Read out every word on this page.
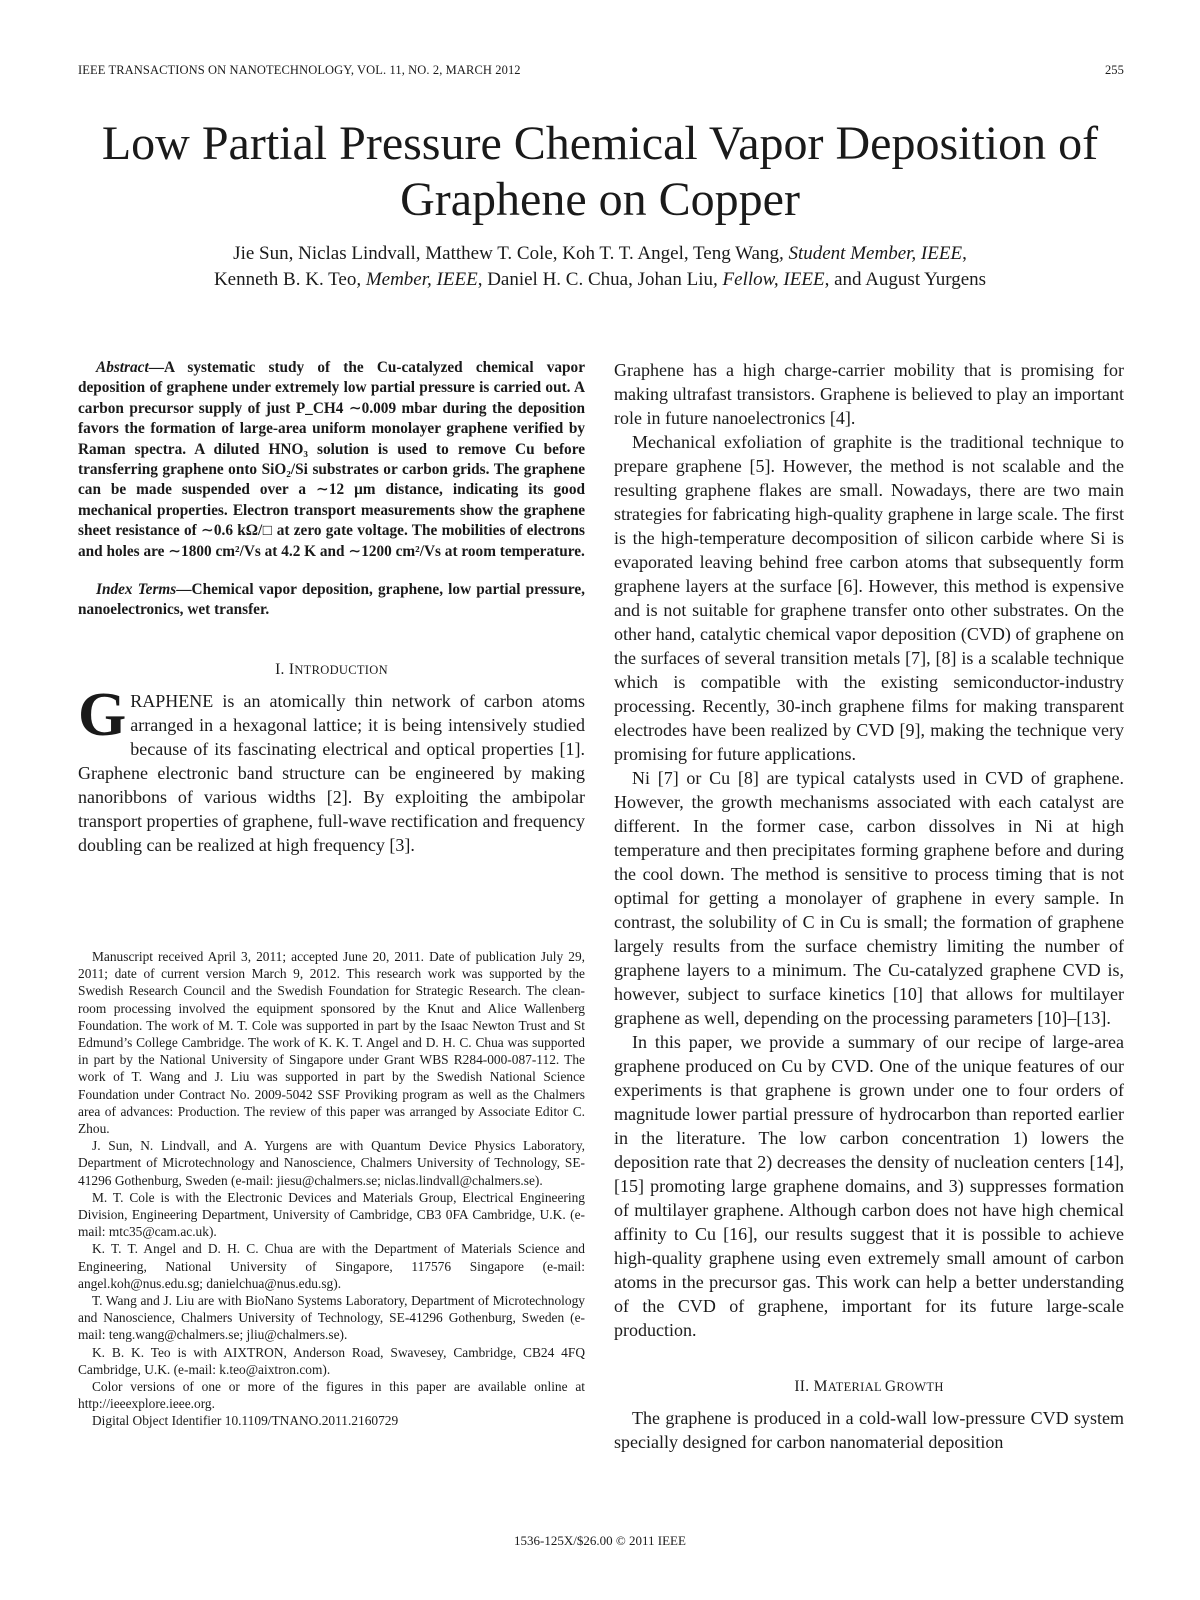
IEEE TRANSACTIONS ON NANOTECHNOLOGY, VOL. 11, NO. 2, MARCH 2012	255
Low Partial Pressure Chemical Vapor Deposition of Graphene on Copper
Jie Sun, Niclas Lindvall, Matthew T. Cole, Koh T. T. Angel, Teng Wang, Student Member, IEEE,
Kenneth B. K. Teo, Member, IEEE, Daniel H. C. Chua, Johan Liu, Fellow, IEEE, and August Yurgens

Abstract—A systematic study of the Cu-catalyzed chemical vapor deposition of graphene under extremely low partial pressure is carried out. A carbon precursor supply of just P_CH4 ∼0.009 mbar during the deposition favors the formation of large-area uniform monolayer graphene verified by Raman spectra. A diluted HNO₃ solution is used to remove Cu before transferring graphene onto SiO₂/Si substrates or carbon grids. The graphene can be made suspended over a ∼12 μm distance, indicating its good mechanical properties. Electron transport measurements show the graphene sheet resistance of ∼0.6 kΩ/□ at zero gate voltage. The mobilities of electrons and holes are ∼1800 cm²/Vs at 4.2 K and ∼1200 cm²/Vs at room temperature.

Index Terms—Chemical vapor deposition, graphene, low partial pressure, nanoelectronics, wet transfer.

I. INTRODUCTION

GRAPHENE is an atomically thin network of carbon atoms arranged in a hexagonal lattice; it is being intensively studied because of its fascinating electrical and optical properties [1]. Graphene electronic band structure can be engineered by making nanoribbons of various widths [2]. By exploiting the ambipolar transport properties of graphene, full-wave rectification and frequency doubling can be realized at high frequency [3].

Manuscript received April 3, 2011; accepted June 20, 2011. Date of publication July 29, 2011; date of current version March 9, 2012. This research work was supported by the Swedish Research Council and the Swedish Foundation for Strategic Research. The clean-room processing involved the equipment sponsored by the Knut and Alice Wallenberg Foundation. The work of M. T. Cole was supported in part by the Isaac Newton Trust and St Edmund’s College Cambridge. The work of K. K. T. Angel and D. H. C. Chua was supported in part by the National University of Singapore under Grant WBS R284-000-087-112. The work of T. Wang and J. Liu was supported in part by the Swedish National Science Foundation under Contract No. 2009-5042 SSF Proviking program as well as the Chalmers area of advances: Production. The review of this paper was arranged by Associate Editor C. Zhou.

J. Sun, N. Lindvall, and A. Yurgens are with Quantum Device Physics Laboratory, Department of Microtechnology and Nanoscience, Chalmers University of Technology, SE-41296 Gothenburg, Sweden (e-mail: jiesu@chalmers.se; niclas.lindvall@chalmers.se).

M. T. Cole is with the Electronic Devices and Materials Group, Electrical Engineering Division, Engineering Department, University of Cambridge, CB3 0FA Cambridge, U.K. (e-mail: mtc35@cam.ac.uk).

K. T. T. Angel and D. H. C. Chua are with the Department of Materials Science and Engineering, National University of Singapore, 117576 Singapore (e-mail: angel.koh@nus.edu.sg; danielchua@nus.edu.sg).

T. Wang and J. Liu are with BioNano Systems Laboratory, Department of Microtechnology and Nanoscience, Chalmers University of Technology, SE-41296 Gothenburg, Sweden (e-mail: teng.wang@chalmers.se; jliu@chalmers.se).

K. B. K. Teo is with AIXTRON, Anderson Road, Swavesey, Cambridge, CB24 4FQ Cambridge, U.K. (e-mail: k.teo@aixtron.com).

Color versions of one or more of the figures in this paper are available online at http://ieeexplore.ieee.org.

Digital Object Identifier 10.1109/TNANO.2011.2160729

Graphene has a high charge-carrier mobility that is promising for making ultrafast transistors. Graphene is believed to play an important role in future nanoelectronics [4].

Mechanical exfoliation of graphite is the traditional technique to prepare graphene [5]. However, the method is not scalable and the resulting graphene flakes are small. Nowadays, there are two main strategies for fabricating high-quality graphene in large scale. The first is the high-temperature decomposition of silicon carbide where Si is evaporated leaving behind free carbon atoms that subsequently form graphene layers at the surface [6]. However, this method is expensive and is not suitable for graphene transfer onto other substrates. On the other hand, catalytic chemical vapor deposition (CVD) of graphene on the surfaces of several transition metals [7], [8] is a scalable technique which is compatible with the existing semiconductor-industry processing. Recently, 30-inch graphene films for making transparent electrodes have been realized by CVD [9], making the technique very promising for future applications.

Ni [7] or Cu [8] are typical catalysts used in CVD of graphene. However, the growth mechanisms associated with each catalyst are different. In the former case, carbon dissolves in Ni at high temperature and then precipitates forming graphene before and during the cool down. The method is sensitive to process timing that is not optimal for getting a monolayer of graphene in every sample. In contrast, the solubility of C in Cu is small; the formation of graphene largely results from the surface chemistry limiting the number of graphene layers to a minimum. The Cu-catalyzed graphene CVD is, however, subject to surface kinetics [10] that allows for multilayer graphene as well, depending on the processing parameters [10]–[13].

In this paper, we provide a summary of our recipe of large-area graphene produced on Cu by CVD. One of the unique features of our experiments is that graphene is grown under one to four orders of magnitude lower partial pressure of hydrocarbon than reported earlier in the literature. The low carbon concentration 1) lowers the deposition rate that 2) decreases the density of nucleation centers [14], [15] promoting large graphene domains, and 3) suppresses formation of multilayer graphene. Although carbon does not have high chemical affinity to Cu [16], our results suggest that it is possible to achieve high-quality graphene using even extremely small amount of carbon atoms in the precursor gas. This work can help a better understanding of the CVD of graphene, important for its future large-scale production.

II. MATERIAL GROWTH

The graphene is produced in a cold-wall low-pressure CVD system specially designed for carbon nanomaterial deposition

1536-125X/$26.00 © 2011 IEEE
